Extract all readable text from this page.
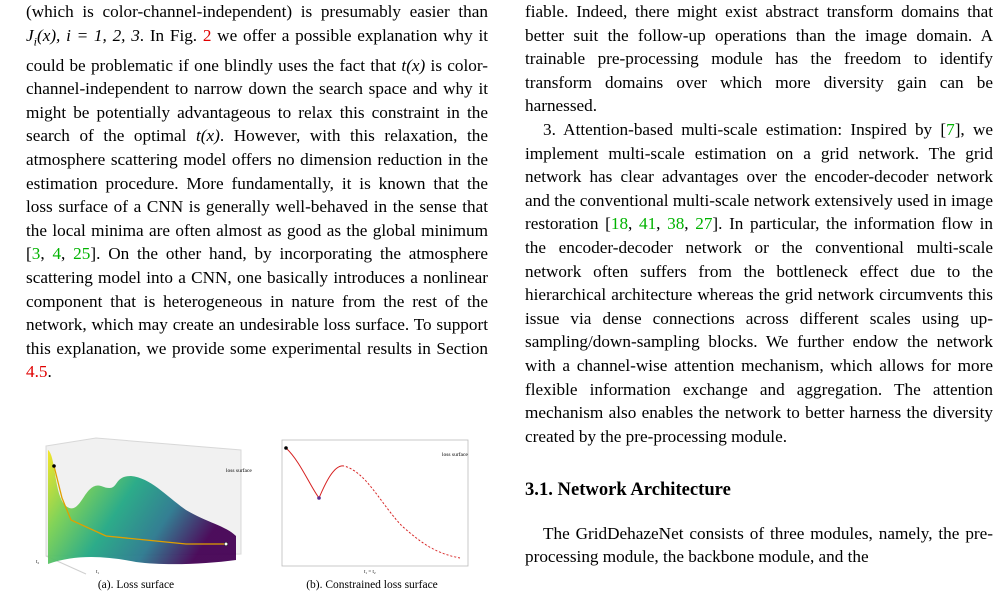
(which is color-channel-independent) is presumably easier than $J_i(x)$, i = 1, 2, 3. In Fig. 2 we offer a possible explanation why it could be problematic if one blindly uses the fact that t(x) is color-channel-independent to narrow down the search space and why it might be potentially advantageous to relax this constraint in the search of the optimal t(x). However, with this relaxation, the atmosphere scattering model offers no dimension reduction in the estimation procedure. More fundamentally, it is known that the loss surface of a CNN is generally well-behaved in the sense that the local minima are often almost as good as the global minimum [3, 4, 25]. On the other hand, by incorporating the atmosphere scattering model into a CNN, one basically introduces a nonlinear component that is heterogeneous in nature from the rest of the network, which may create an undesirable loss surface. To support this explanation, we provide some experimental results in Section 4.5.

loss surface
t₂
t₁
loss surface
t₁ = t₂
(a). Loss surface	(b). Constrained loss surface

fiable. Indeed, there might exist abstract transform domains that better suit the follow-up operations than the image domain. A trainable pre-processing module has the freedom to identify transform domains over which more diversity gain can be harnessed.

3. Attention-based multi-scale estimation: Inspired by [7], we implement multi-scale estimation on a grid network. The grid network has clear advantages over the encoder-decoder network and the conventional multi-scale network extensively used in image restoration [18, 41, 38, 27]. In particular, the information flow in the encoder-decoder network or the conventional multi-scale network often suffers from the bottleneck effect due to the hierarchical architecture whereas the grid network circumvents this issue via dense connections across different scales using up-sampling/down-sampling blocks. We further endow the network with a channel-wise attention mechanism, which allows for more flexible information exchange and aggregation. The attention mechanism also enables the network to better harness the diversity created by the pre-processing module.

3.1. Network Architecture

The GridDehazeNet consists of three modules, namely, the pre-processing module, the backbone module, and the
